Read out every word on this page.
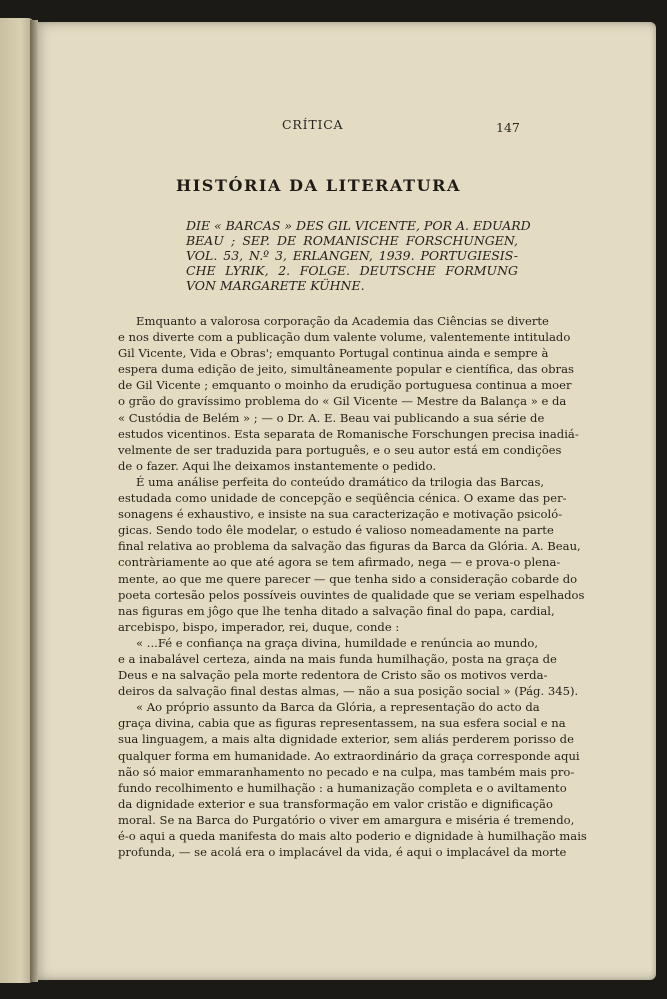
CRÍTICA	147
HISTÓRIA DA LITERATURA
DIE « BARCAS » DES GIL VICENTE, POR A. EDUARD
BEAU ; SEP. DE ROMANISCHE FORSCHUNGEN,
VOL. 53, N.º 3, ERLANGEN, 1939. PORTUGIESIS-
CHE LYRIK, 2. FOLGE. DEUTSCHE FORMUNG
VON MARGARETE KÜHNE.
Emquanto a valorosa corporação da Academia das Ciências se diverte
e nos diverte com a publicação dum valente volume, valentemente intitulado
Gil Vicente, Vida e Obras'; emquanto Portugal continua ainda e sempre à
espera duma edição de jeito, simultâneamente popular e científica, das obras
de Gil Vicente ; emquanto o moinho da erudição portuguesa continua a moer
o grão do gravíssimo problema do « Gil Vicente — Mestre da Balança » e da
« Custódia de Belém » ; — o Dr. A. E. Beau vai publicando a sua série de
estudos vicentinos. Esta separata de Romanische Forschungen precisa inadiá-
velmente de ser traduzida para português, e o seu autor está em condições
de o fazer. Aqui lhe deixamos instantemente o pedido.
É uma análise perfeita do conteúdo dramático da trilogia das Barcas,
estudada como unidade de concepção e seqüência cénica. O exame das per-
sonagens é exhaustivo, e insiste na sua caracterização e motivação psicoló-
gicas. Sendo todo êle modelar, o estudo é valioso nomeadamente na parte
final relativa ao problema da salvação das figuras da Barca da Glória. A. Beau,
contràriamente ao que até agora se tem afirmado, nega — e prova-o plena-
mente, ao que me quere parecer — que tenha sido a consideração cobarde do
poeta cortesão pelos possíveis ouvintes de qualidade que se veriam espelhados
nas figuras em jôgo que lhe tenha ditado a salvação final do papa, cardial,
arcebispo, bispo, imperador, rei, duque, conde :
« ...Fé e confiança na graça divina, humildade e renúncia ao mundo,
e a inabalável certeza, ainda na mais funda humilhação, posta na graça de
Deus e na salvação pela morte redentora de Cristo são os motivos verda-
deiros da salvação final destas almas, — não a sua posição social » (Pág. 345).
« Ao próprio assunto da Barca da Glória, a representação do acto da
graça divina, cabia que as figuras representassem, na sua esfera social e na
sua linguagem, a mais alta dignidade exterior, sem aliás perderem porisso de
qualquer forma em humanidade. Ao extraordinário da graça corresponde aqui
não só maior emmaranhamento no pecado e na culpa, mas também mais pro-
fundo recolhimento e humilhação : a humanização completa e o aviltamento
da dignidade exterior e sua transformação em valor cristão e dignificação
moral. Se na Barca do Purgatório o viver em amargura e miséria é tremendo,
é-o aqui a queda manifesta do mais alto poderio e dignidade à humilhação mais
profunda, — se acolá era o implacável da vida, é aqui o implacável da morte
